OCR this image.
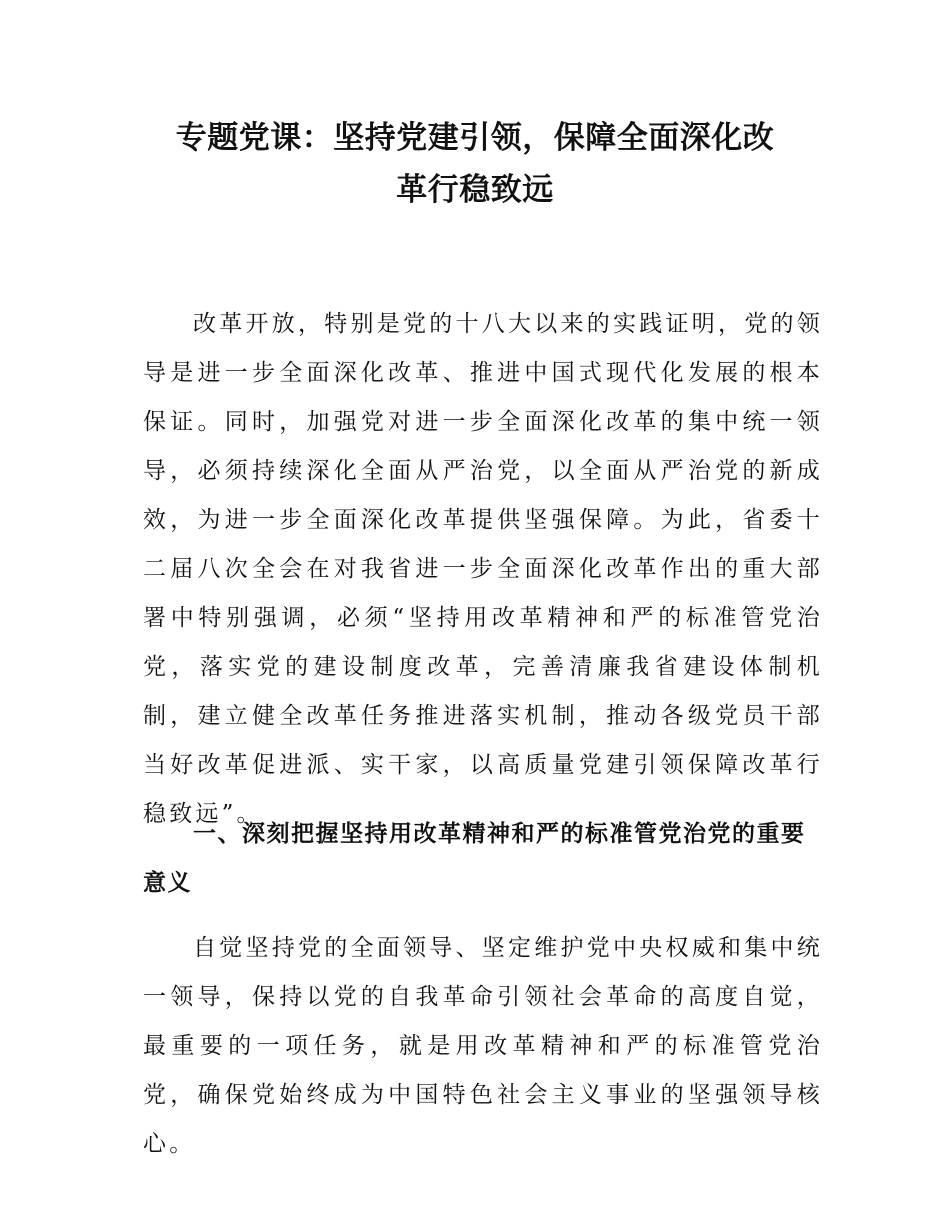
专题党课：坚持党建引领，保障全面深化改
革行稳致远

改革开放，特别是党的十八大以来的实践证明，党的领导是进一步全面深化改革、推进中国式现代化发展的根本保证。同时，加强党对进一步全面深化改革的集中统一领导，必须持续深化全面从严治党，以全面从严治党的新成效，为进一步全面深化改革提供坚强保障。为此，省委十二届八次全会在对我省进一步全面深化改革作出的重大部署中特别强调，必须“坚持用改革精神和严的标准管党治党，落实党的建设制度改革，完善清廉我省建设体制机制，建立健全改革任务推进落实机制，推动各级党员干部当好改革促进派、实干家，以高质量党建引领保障改革行稳致远”。

一、深刻把握坚持用改革精神和严的标准管党治党的重要意义

自觉坚持党的全面领导、坚定维护党中央权威和集中统一领导，保持以党的自我革命引领社会革命的高度自觉，最重要的一项任务，就是用改革精神和严的标准管党治党，确保党始终成为中国特色社会主义事业的坚强领导核心。
